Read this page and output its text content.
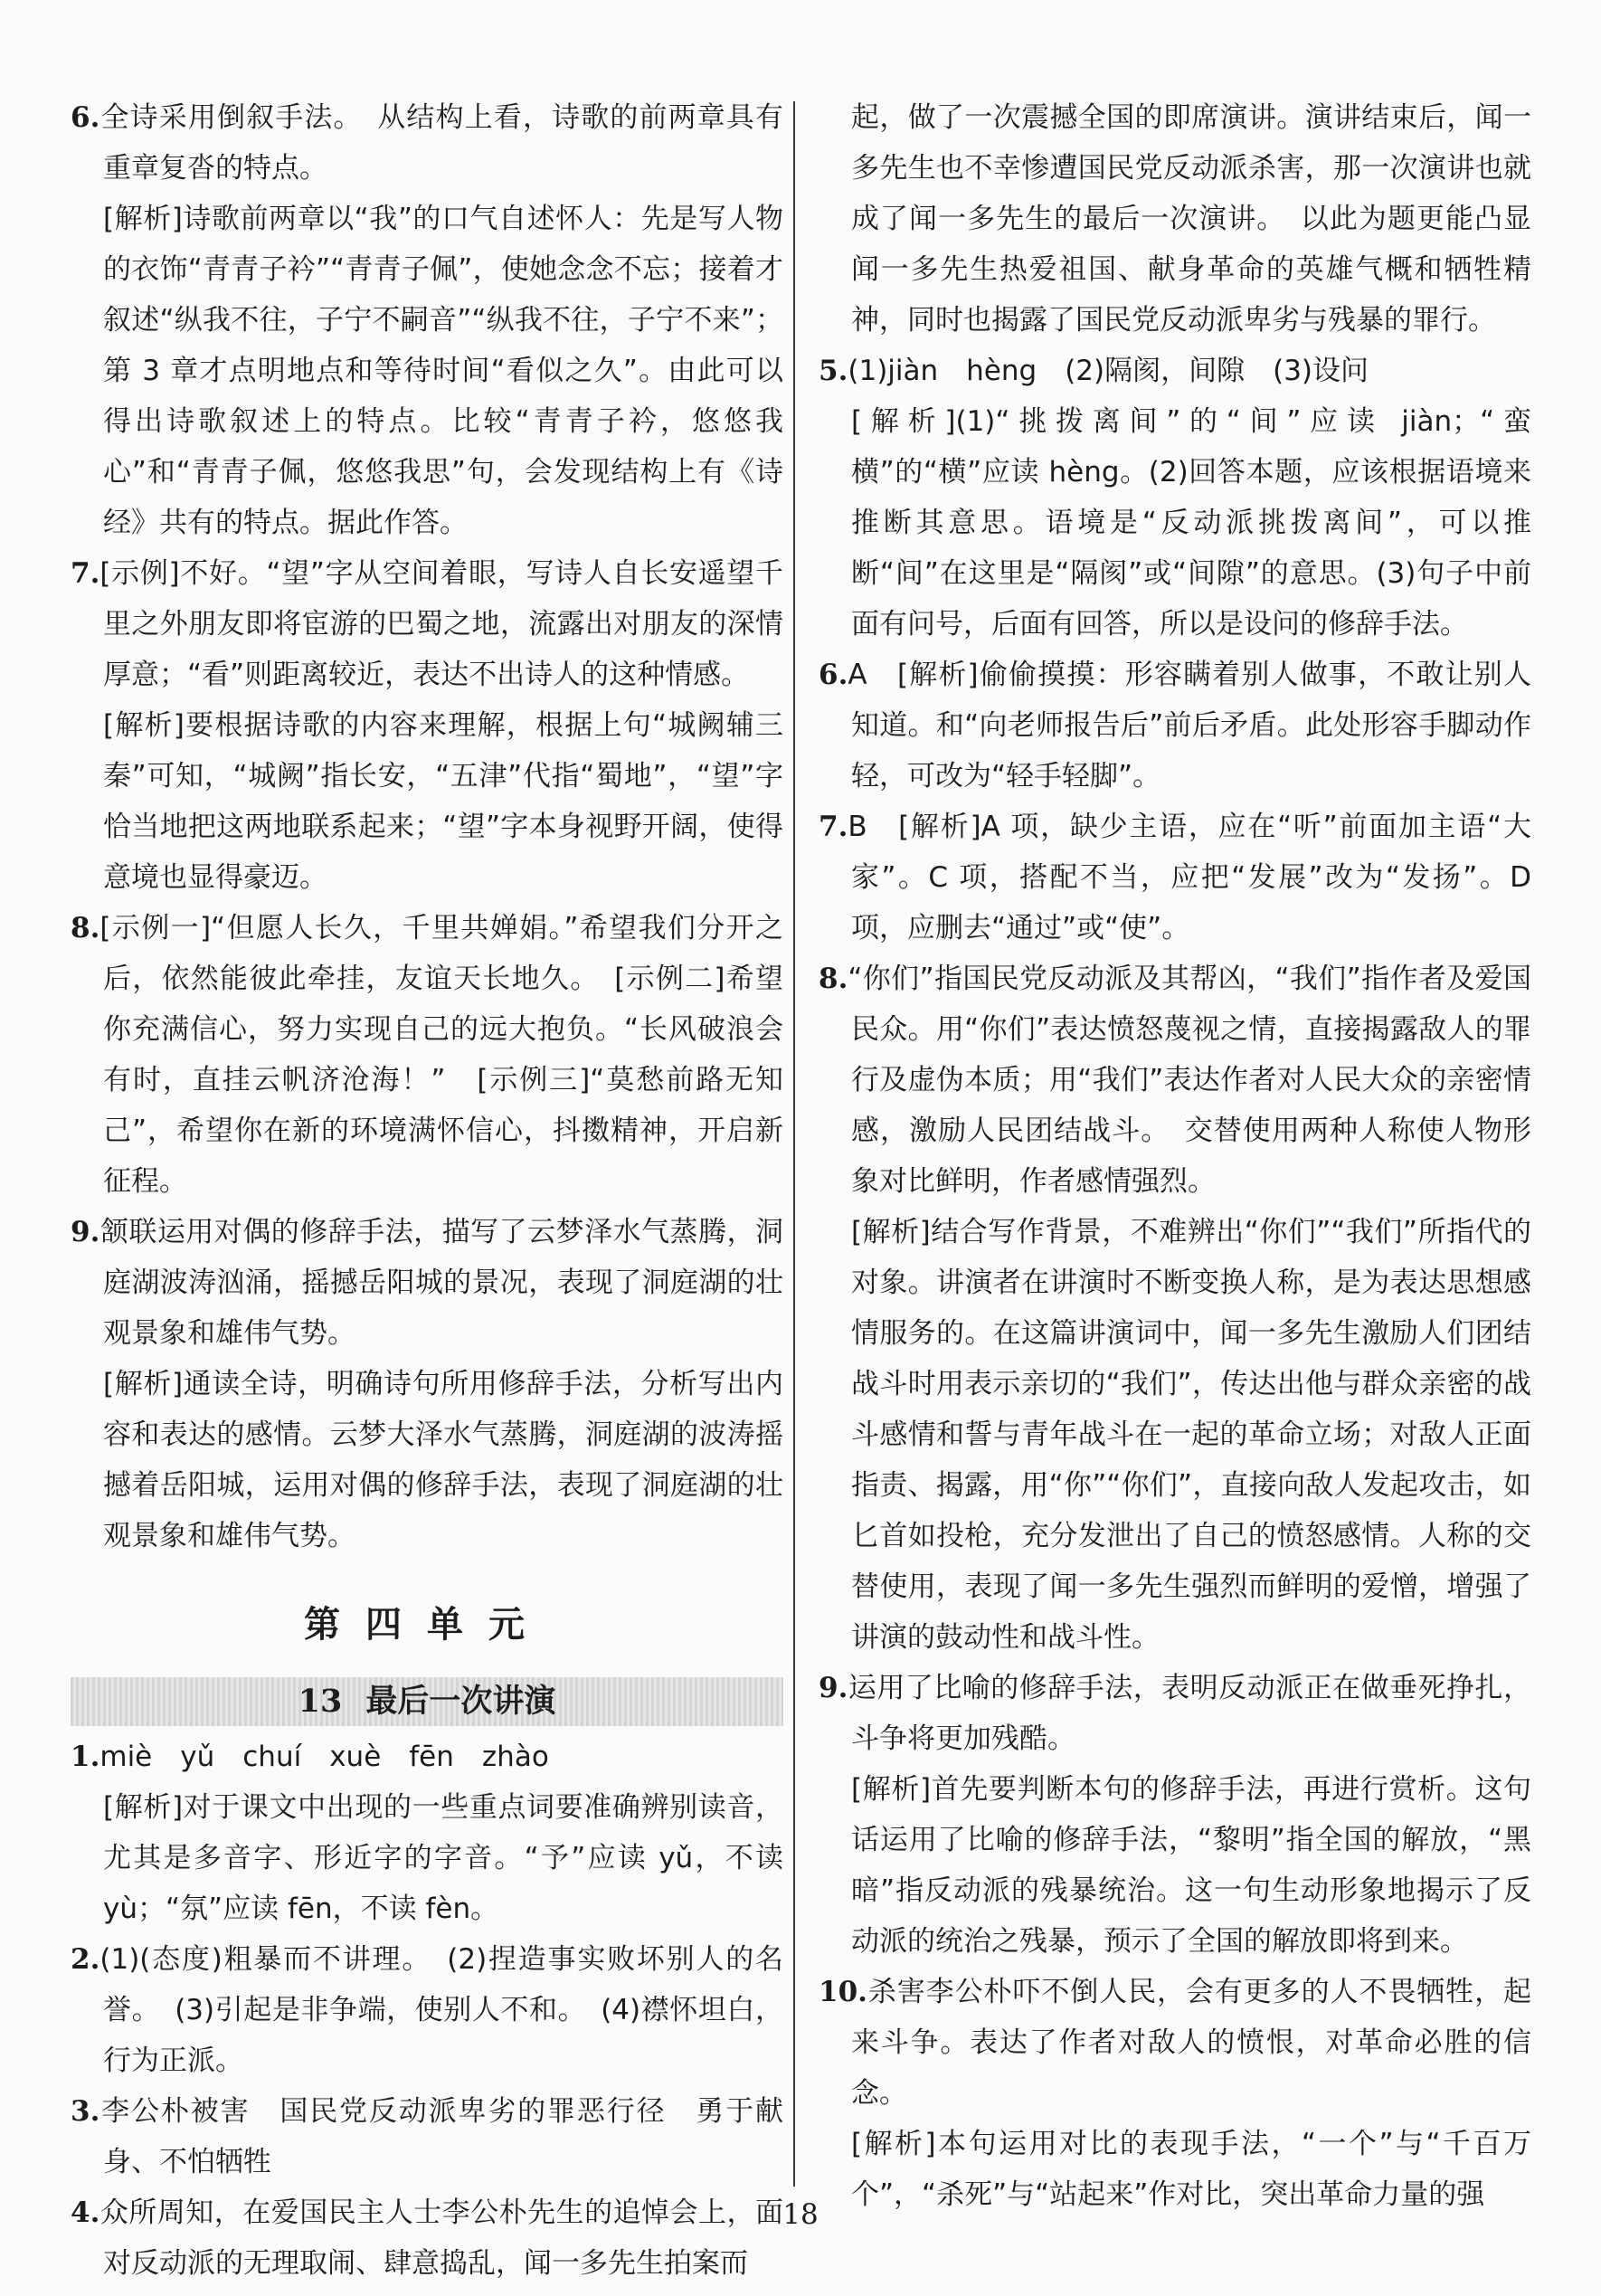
6.全诗采用倒叙手法。　从结构上看，诗歌的前两章具有重章复沓的特点。
[解析]诗歌前两章以“我”的口气自述怀人：先是写人物的衣饰“青青子衿”“青青子佩”，使她念念不忘；接着才叙述“纵我不往，子宁不嗣音”“纵我不往，子宁不来”；第 3 章才点明地点和等待时间“看似之久”。由此可以得出诗歌叙述上的特点。比较“青青子衿，悠悠我心”和“青青子佩，悠悠我思”句，会发现结构上有《诗经》共有的特点。据此作答。
7.[示例]不好。“望”字从空间着眼，写诗人自长安遥望千里之外朋友即将宦游的巴蜀之地，流露出对朋友的深情厚意；“看”则距离较近，表达不出诗人的这种情感。
[解析]要根据诗歌的内容来理解，根据上句“城阙辅三秦”可知，“城阙”指长安，“五津”代指“蜀地”，“望”字恰当地把这两地联系起来；“望”字本身视野开阔，使得意境也显得豪迈。
8.[示例一]“但愿人长久，千里共婵娟。”希望我们分开之后，依然能彼此牵挂，友谊天长地久。　[示例二]希望你充满信心，努力实现自己的远大抱负。“长风破浪会有时，直挂云帆济沧海！”　[示例三]“莫愁前路无知己”，希望你在新的环境满怀信心，抖擞精神，开启新征程。
9.颔联运用对偶的修辞手法，描写了云梦泽水气蒸腾，洞庭湖波涛汹涌，摇撼岳阳城的景况，表现了洞庭湖的壮观景象和雄伟气势。
[解析]通读全诗，明确诗句所用修辞手法，分析写出内容和表达的感情。云梦大泽水气蒸腾，洞庭湖的波涛摇撼着岳阳城，运用对偶的修辞手法，表现了洞庭湖的壮观景象和雄伟气势。
第四单元
13 最后一次讲演
1.miè　yǔ　chuí　xuè　fēn　zhào
[解析]对于课文中出现的一些重点词要准确辨别读音，尤其是多音字、形近字的字音。“予”应读 yǔ，不读 yù；“氛”应读 fēn，不读 fèn。
2.(1)(态度)粗暴而不讲理。　(2)捏造事实败坏别人的名誉。　(3)引起是非争端，使别人不和。　(4)襟怀坦白，行为正派。
3.李公朴被害　国民党反动派卑劣的罪恶行径　勇于献身、不怕牺牲
4.众所周知，在爱国民主人士李公朴先生的追悼会上，面对反动派的无理取闹、肆意捣乱，闻一多先生拍案而
起，做了一次震撼全国的即席演讲。演讲结束后，闻一多先生也不幸惨遭国民党反动派杀害，那一次演讲也就成了闻一多先生的最后一次演讲。　以此为题更能凸显闻一多先生热爱祖国、献身革命的英雄气概和牺牲精神，同时也揭露了国民党反动派卑劣与残暴的罪行。
5.(1)jiàn　hèng　(2)隔阂，间隙　(3)设问
[解析](1)“挑拨离间”的“间”应读 jiàn；“蛮横”的“横”应读 hèng。(2)回答本题，应该根据语境来推断其意思。语境是“反动派挑拨离间”，可以推断“间”在这里是“隔阂”或“间隙”的意思。(3)句子中前面有问号，后面有回答，所以是设问的修辞手法。
6.A　[解析]偷偷摸摸：形容瞒着别人做事，不敢让别人知道。和“向老师报告后”前后矛盾。此处形容手脚动作轻，可改为“轻手轻脚”。
7.B　[解析]A 项，缺少主语，应在“听”前面加主语“大家”。C 项，搭配不当，应把“发展”改为“发扬”。D 项，应删去“通过”或“使”。
8.“你们”指国民党反动派及其帮凶，“我们”指作者及爱国民众。用“你们”表达愤怒蔑视之情，直接揭露敌人的罪行及虚伪本质；用“我们”表达作者对人民大众的亲密情感，激励人民团结战斗。　交替使用两种人称使人物形象对比鲜明，作者感情强烈。
[解析]结合写作背景，不难辨出“你们”“我们”所指代的对象。讲演者在讲演时不断变换人称，是为表达思想感情服务的。在这篇讲演词中，闻一多先生激励人们团结战斗时用表示亲切的“我们”，传达出他与群众亲密的战斗感情和誓与青年战斗在一起的革命立场；对敌人正面指责、揭露，用“你”“你们”，直接向敌人发起攻击，如匕首如投枪，充分发泄出了自己的愤怒感情。人称的交替使用，表现了闻一多先生强烈而鲜明的爱憎，增强了讲演的鼓动性和战斗性。
9.运用了比喻的修辞手法，表明反动派正在做垂死挣扎，斗争将更加残酷。
[解析]首先要判断本句的修辞手法，再进行赏析。这句话运用了比喻的修辞手法，“黎明”指全国的解放，“黑暗”指反动派的残暴统治。这一句生动形象地揭示了反动派的统治之残暴，预示了全国的解放即将到来。
10.杀害李公朴吓不倒人民，会有更多的人不畏牺牲，起来斗争。表达了作者对敌人的愤恨，对革命必胜的信念。
[解析]本句运用对比的表现手法，“一个”与“千百万个”，“杀死”与“站起来”作对比，突出革命力量的强
18
